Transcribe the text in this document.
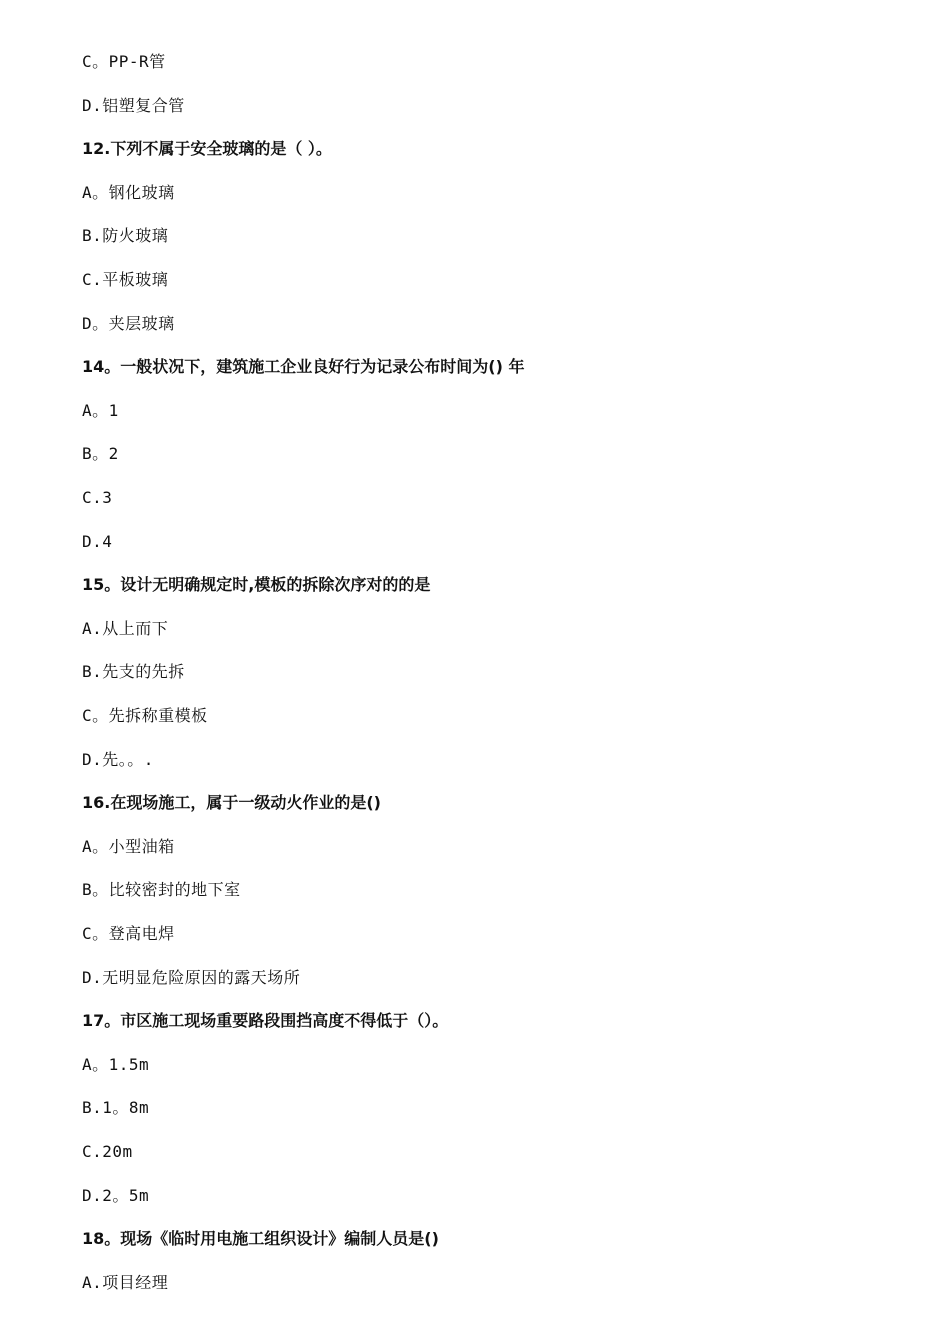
C。PP-R管
D.铝塑复合管
12.下列不属于安全玻璃的是（ ）。
A。钢化玻璃
B.防火玻璃
C.平板玻璃
D。夹层玻璃
14。一般状况下，建筑施工企业良好行为记录公布时间为() 年
A。1
B。2
C.3
D.4
15。设计无明确规定时,模板的拆除次序对的的是
A.从上而下
B.先支的先拆
C。先拆称重模板
D.先。。.
16.在现场施工，属于一级动火作业的是()
A。小型油箱
B。比较密封的地下室
C。登高电焊
D.无明显危险原因的露天场所
17。市区施工现场重要路段围挡高度不得低于（）。
A。1.5m
B.1。8m
C.20m
D.2。5m
18。现场《临时用电施工组织设计》编制人员是()
A.项目经理
